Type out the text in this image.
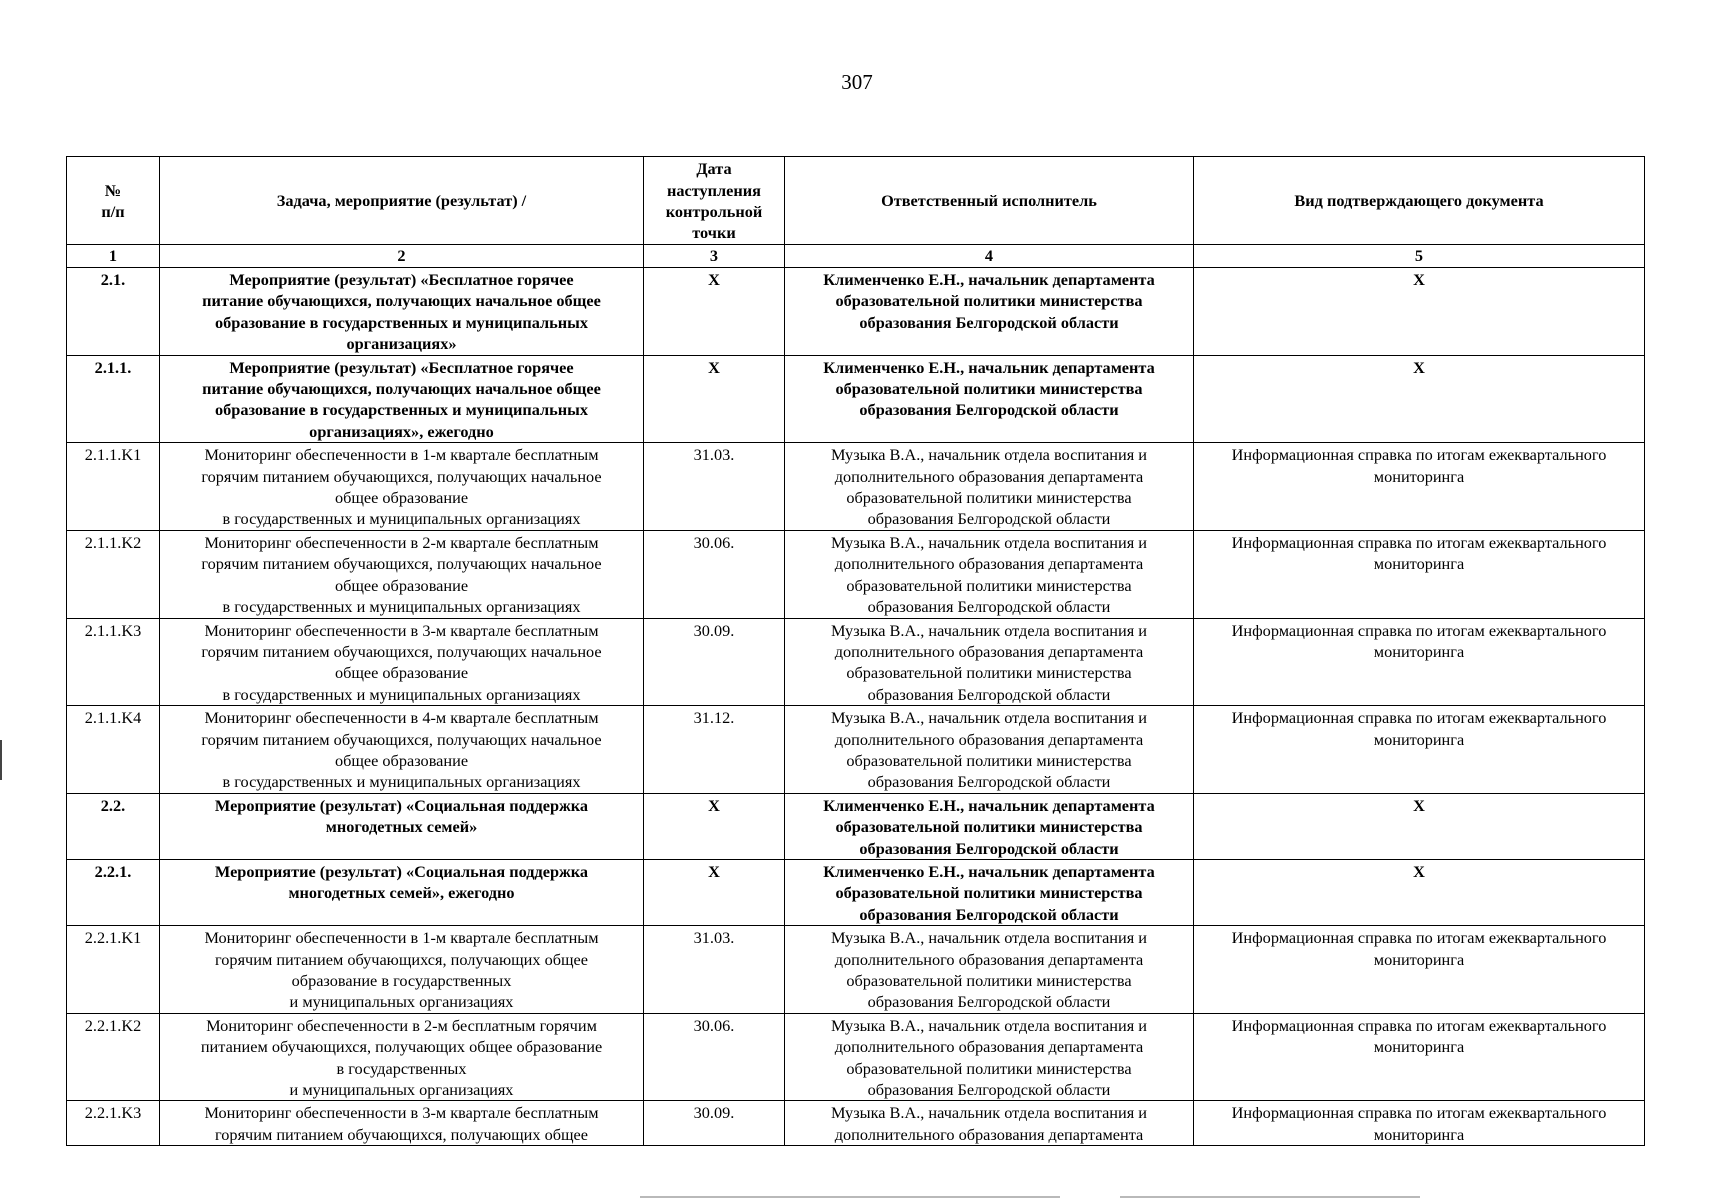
307
№
п/п	Задача, мероприятие (результат) /	Дата
наступления
контрольной
точки	Ответственный исполнитель	Вид подтверждающего документа
1	2	3	4	5
2.1.	Мероприятие (результат) «Бесплатное горячее
питание обучающихся, получающих начальное общее
образование в государственных и муниципальных
организациях»	X	Клименченко Е.Н., начальник департамента
образовательной политики министерства
образования Белгородской области	X
2.1.1.	Мероприятие (результат) «Бесплатное горячее
питание обучающихся, получающих начальное общее
образование в государственных и муниципальных
организациях», ежегодно	X	Клименченко Е.Н., начальник департамента
образовательной политики министерства
образования Белгородской области	X
2.1.1.K1	Мониторинг обеспеченности в 1-м квартале бесплатным
горячим питанием обучающихся, получающих начальное
общее образование
в государственных и муниципальных организациях	31.03.	Музыка В.А., начальник отдела воспитания и
дополнительного образования департамента
образовательной политики министерства
образования Белгородской области	Информационная справка по итогам ежеквартального
мониторинга
2.1.1.K2	Мониторинг обеспеченности в 2-м квартале бесплатным
горячим питанием обучающихся, получающих начальное
общее образование
в государственных и муниципальных организациях	30.06.	Музыка В.А., начальник отдела воспитания и
дополнительного образования департамента
образовательной политики министерства
образования Белгородской области	Информационная справка по итогам ежеквартального
мониторинга
2.1.1.K3	Мониторинг обеспеченности в 3-м квартале бесплатным
горячим питанием обучающихся, получающих начальное
общее образование
в государственных и муниципальных организациях	30.09.	Музыка В.А., начальник отдела воспитания и
дополнительного образования департамента
образовательной политики министерства
образования Белгородской области	Информационная справка по итогам ежеквартального
мониторинга
2.1.1.K4	Мониторинг обеспеченности в 4-м квартале бесплатным
горячим питанием обучающихся, получающих начальное
общее образование
в государственных и муниципальных организациях	31.12.	Музыка В.А., начальник отдела воспитания и
дополнительного образования департамента
образовательной политики министерства
образования Белгородской области	Информационная справка по итогам ежеквартального
мониторинга
2.2.	Мероприятие (результат) «Социальная поддержка
многодетных семей»	X	Клименченко Е.Н., начальник департамента
образовательной политики министерства
образования Белгородской области	X
2.2.1.	Мероприятие (результат) «Социальная поддержка
многодетных семей», ежегодно	X	Клименченко Е.Н., начальник департамента
образовательной политики министерства
образования Белгородской области	X
2.2.1.K1	Мониторинг обеспеченности в 1-м квартале бесплатным
горячим питанием обучающихся, получающих общее
образование в государственных
и муниципальных организациях	31.03.	Музыка В.А., начальник отдела воспитания и
дополнительного образования департамента
образовательной политики министерства
образования Белгородской области	Информационная справка по итогам ежеквартального
мониторинга
2.2.1.K2	Мониторинг обеспеченности в 2-м бесплатным горячим
питанием обучающихся, получающих общее образование
в государственных
и муниципальных организациях	30.06.	Музыка В.А., начальник отдела воспитания и
дополнительного образования департамента
образовательной политики министерства
образования Белгородской области	Информационная справка по итогам ежеквартального
мониторинга
2.2.1.K3	Мониторинг обеспеченности в 3-м квартале бесплатным
горячим питанием обучающихся, получающих общее	30.09.	Музыка В.А., начальник отдела воспитания и
дополнительного образования департамента	Информационная справка по итогам ежеквартального
мониторинга
